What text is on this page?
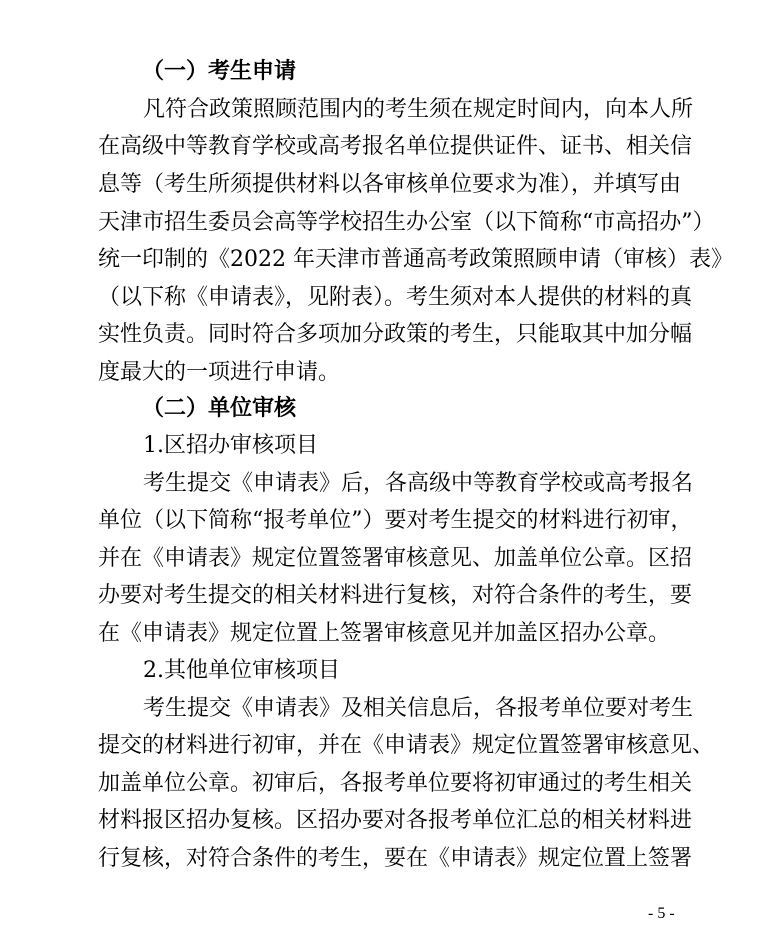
（一）考生申请

凡符合政策照顾范围内的考生须在规定时间内，向本人所

在高级中等教育学校或高考报名单位提供证件、证书、相关信

息等（考生所须提供材料以各审核单位要求为准），并填写由

天津市招生委员会高等学校招生办公室（以下简称“市高招办”）

统一印制的《2022 年天津市普通高考政策照顾申请（审核）表》

（以下称《申请表》，见附表）。考生须对本人提供的材料的真

实性负责。同时符合多项加分政策的考生，只能取其中加分幅

度最大的一项进行申请。

（二）单位审核

1.区招办审核项目

考生提交《申请表》后，各高级中等教育学校或高考报名

单位（以下简称“报考单位”）要对考生提交的材料进行初审，

并在《申请表》规定位置签署审核意见、加盖单位公章。区招

办要对考生提交的相关材料进行复核，对符合条件的考生，要

在《申请表》规定位置上签署审核意见并加盖区招办公章。

2.其他单位审核项目

考生提交《申请表》及相关信息后，各报考单位要对考生

提交的材料进行初审，并在《申请表》规定位置签署审核意见、

加盖单位公章。初审后，各报考单位要将初审通过的考生相关

材料报区招办复核。区招办要对各报考单位汇总的相关材料进

行复核，对符合条件的考生，要在《申请表》规定位置上签署

- 5 -
